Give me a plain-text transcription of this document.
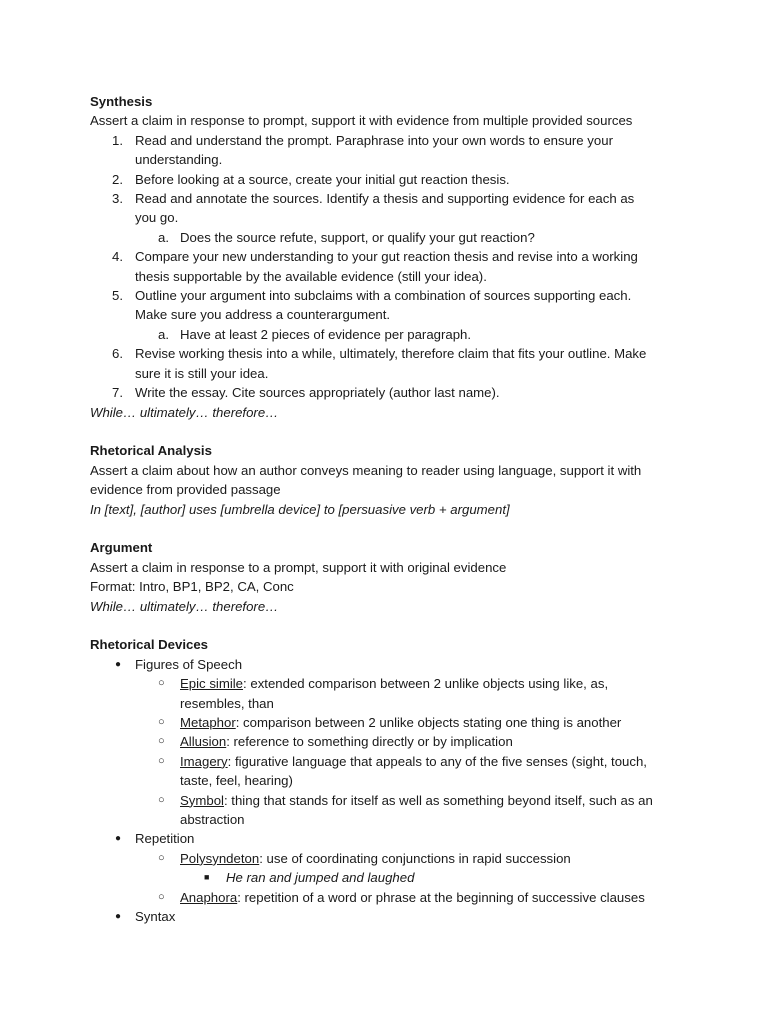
Synthesis
Assert a claim in response to prompt, support it with evidence from multiple provided sources
1. Read and understand the prompt. Paraphrase into your own words to ensure your
understanding.
2. Before looking at a source, create your initial gut reaction thesis.
3. Read and annotate the sources. Identify a thesis and supporting evidence for each as
you go.
a. Does the source refute, support, or qualify your gut reaction?
4. Compare your new understanding to your gut reaction thesis and revise into a working
thesis supportable by the available evidence (still your idea).
5. Outline your argument into subclaims with a combination of sources supporting each.
Make sure you address a counterargument.
a. Have at least 2 pieces of evidence per paragraph.
6. Revise working thesis into a while, ultimately, therefore claim that fits your outline. Make
sure it is still your idea.
7. Write the essay. Cite sources appropriately (author last name).
While… ultimately… therefore…
Rhetorical Analysis
Assert a claim about how an author conveys meaning to reader using language, support it with
evidence from provided passage
In [text], [author] uses [umbrella device] to [persuasive verb + argument]
Argument
Assert a claim in response to a prompt, support it with original evidence
Format: Intro, BP1, BP2, CA, Conc
While… ultimately… therefore…
Rhetorical Devices
● Figures of Speech
○ Epic simile: extended comparison between 2 unlike objects using like, as,
resembles, than
○ Metaphor: comparison between 2 unlike objects stating one thing is another
○ Allusion: reference to something directly or by implication
○ Imagery: figurative language that appeals to any of the five senses (sight, touch,
taste, feel, hearing)
○ Symbol: thing that stands for itself as well as something beyond itself, such as an
abstraction
● Repetition
○ Polysyndeton: use of coordinating conjunctions in rapid succession
■ He ran and jumped and laughed
○ Anaphora: repetition of a word or phrase at the beginning of successive clauses
● Syntax
